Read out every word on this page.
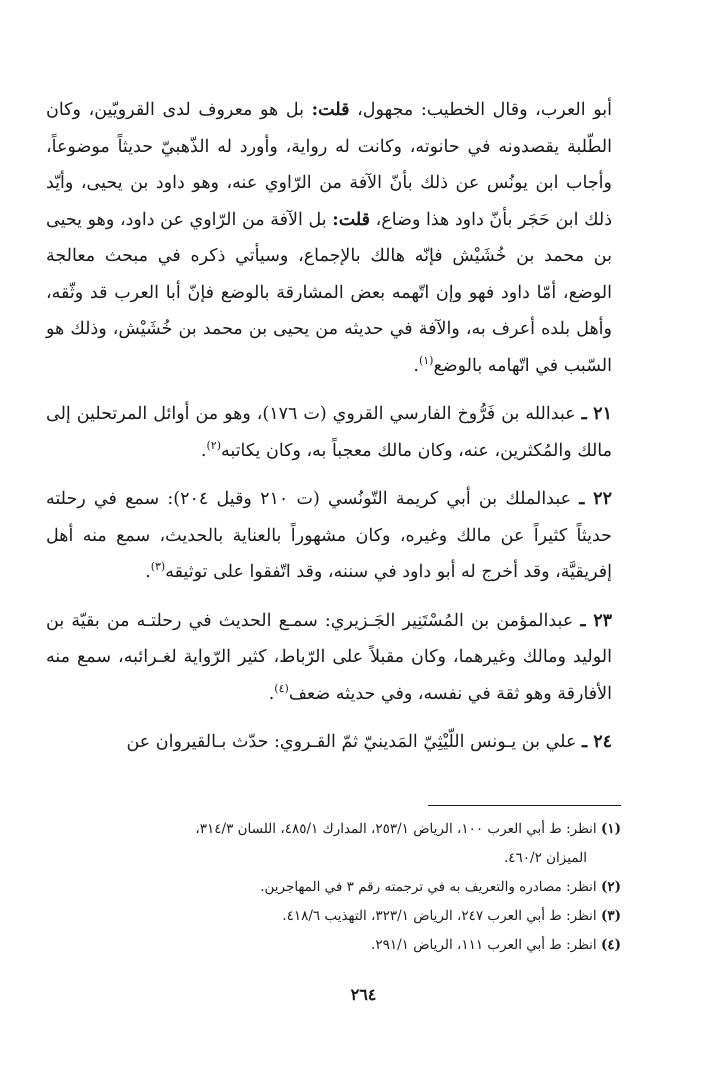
أبو العرب، وقال الخطيب: مجهول، قلت: بل هو معروف لدى القرويّين، وكان الطّلبة يقصدونه في حانوته، وكانت له رواية، وأورد له الذّهبيّ حديثاً موضوعاً، وأجاب ابن يونُس عن ذلك بأنّ الآفة من الرّاوي عنه، وهو داود بن يحيى، وأيّد ذلك ابن حَجَر بأنّ داود هذا وضاع، قلت: بل الآفة من الرّاوي عن داود، وهو يحيى بن محمد بن خُشَيْش فإنّه هالك بالإجماع، وسيأتي ذكره في مبحث معالجة الوضع، أمّا داود فهو وإن اتّهمه بعض المشارقة بالوضع فإنّ أبا العرب قد وثّقه، وأهل بلده أعرف به، والآفة في حديثه من يحيى بن محمد بن خُشَيْش، وذلك هو السّبب في اتّهامه بالوضع$^{(١)}$.

٢١ ـ عبدالله بن فَرُّوخ الفارسي القروي (ت ١٧٦)، وهو من أوائل المرتحلين إلى مالك والمُكثرين، عنه، وكان مالك معجباً به، وكان يكاتبه$^{(٢)}$.

٢٢ ـ عبدالملك بن أبي كريمة التّونُسي (ت ٢١٠ وقيل ٢٠٤): سمع في رحلته حديثاً كثيراً عن مالك وغيره، وكان مشهوراً بالعناية بالحديث، سمع منه أهل إفريقيَّة، وقد أخرج له أبو داود في سننه، وقد اتّفقوا على توثيقه$^{(٣)}$.

٢٣ ـ عبدالمؤمن بن المُسْتَنِير الجَـزيري: سمـع الحديث في رحلتـه من بقيّة بن الوليد ومالك وغيرهما، وكان مقبلاً على الرّباط، كثير الرّواية لغـرائبه، سمع منه الأفارقة وهو ثقة في نفسه، وفي حديثه ضعف$^{(٤)}$.

٢٤ ـ علي بن يـونس اللّيْثِيّ المَدينيّ ثمّ القـروي: حدّث بـالقيروان عن

(١) انظر: ط أبي العرب ١٠٠، الرياض ٢٥٣/١، المدارك ٤٨٥/١، اللسان ٣١٤/٣،
الميزان ٤٦٠/٢.

(٢) انظر: مصادره والتعريف به في ترجمته رقم ٣ في المهاجرين.

(٣) انظر: ط أبي العرب ٢٤٧، الرياض ٣٢٣/١، التهذيب ٤١٨/٦.

(٤) انظر: ط أبي العرب ١١١، الرياض ٢٩١/١.

٢٦٤
